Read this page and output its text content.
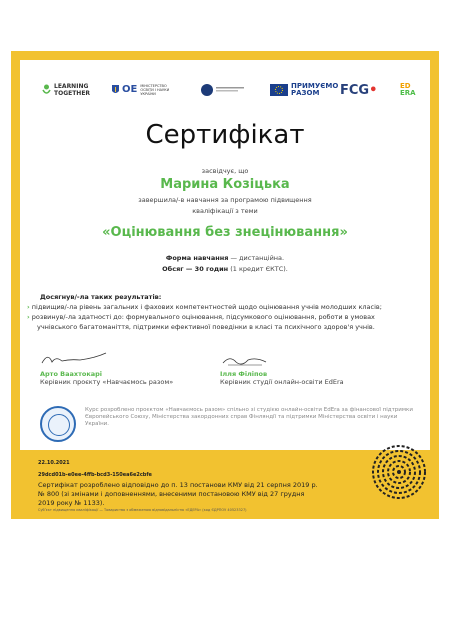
LEARNING TOGETHER	OE МІНІСТЕРСТВО ОСВІТИ І НАУКИ УКРАЇНИ
ПРИМУЄМО РАЗОМ	FCG •	ED
ERA
Сертифікат
засвідчує, що
Марина Козіцька
завершила/-в навчання за програмою підвищення
кваліфікації з теми
«Оцінювання без знецінювання»
Форма навчання — дистанційна.
Обсяг — 30 годин (1 кредит ЄКТС).
Досягнув/-ла таких результатів:
› підвищив/-ла рівень загальних і фахових компетентностей щодо оцінювання учнів молодших класів;
› розвинув/-ла здатності до: формувального оцінювання, підсумкового оцінювання, роботи в умовах
учнівського багатоманіття, підтримки ефективної поведінки в класі та психічного здоров'я учнів.
Арто Ваахтокарі
Керівник проєкту «Навчаємось разом»
Ілля Філіпов
Керівник студії онлайн-освіти EdEra
Курс розроблено проєктом «Навчаємось разом» спільно зі студією онлайн-освіти EdEra за фінансової підтримки Європейського Союзу, Міністерства закордонних справ Фінляндії та підтримки Міністерства освіти і науки України.
22.10.2021
29dcd01b-e0ee-4ffb-bcd3-150ea6e2cbfe
Сертифікат розроблено відповідно до п. 13 постанови КМУ від 21 серпня 2019 р. № 800 (зі змінами і доповненнями, внесеними постановою КМУ від 27 грудня 2019 року № 1133).
Субʼєкт підвищення кваліфікації — Товариство з обмеженою відповідальністю «ЕДЕРА» (код ЄДРПОУ 40523327)
